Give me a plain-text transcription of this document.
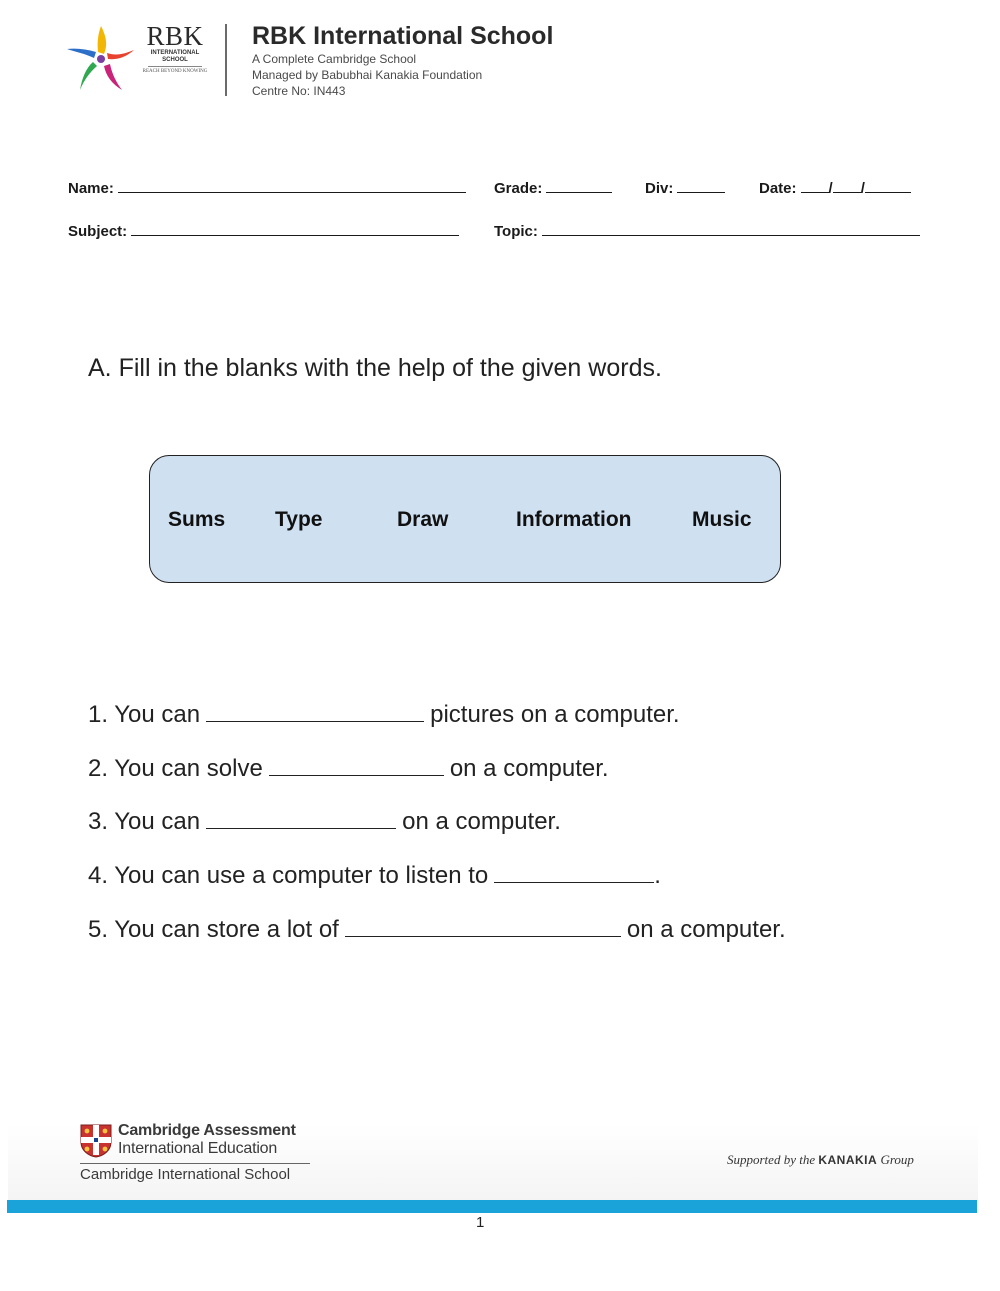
RBK
INTERNATIONAL SCHOOL
REACH BEYOND KNOWING
RBK International School
A Complete Cambridge School
Managed by Babubhai Kanakia Foundation
Centre No: IN443
Name:	Grade:	Div:	Date: / /
Subject:	Topic:
A. Fill in the blanks with the help of the given words.
Sums Type	Draw	Information	Music
1. You can	pictures on a computer.
2. You can solve	on a computer.
3. You can	on a computer.
4. You can use a computer to listen to	.
5. You can store a lot of	on a computer.
Cambridge Assessment
International Education
Cambridge International School
Supported by the KANAKIA Group
1
